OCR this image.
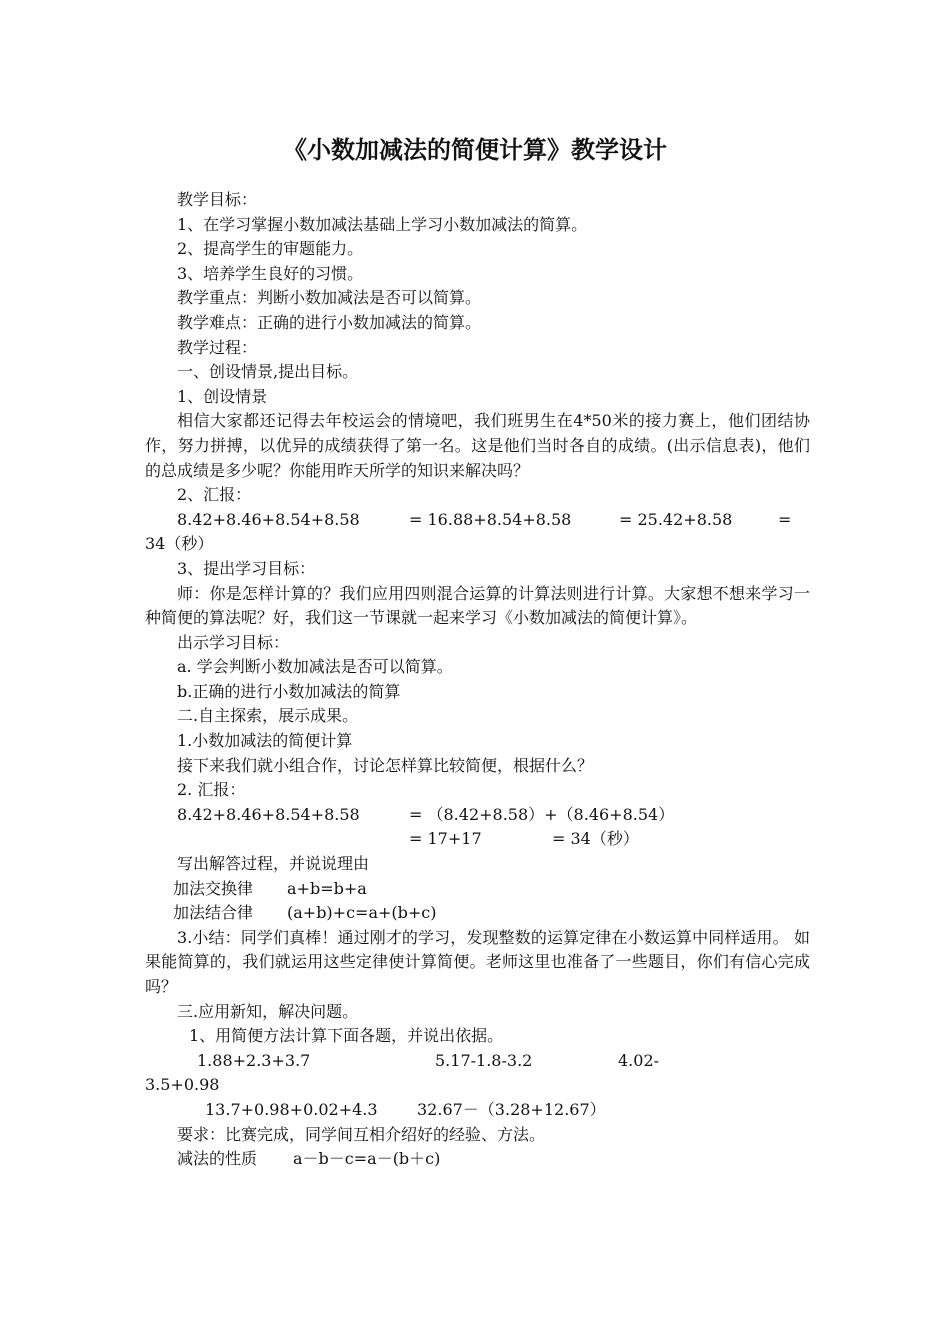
《小数加减法的简便计算》教学设计

教学目标：

1、在学习掌握小数加减法基础上学习小数加减法的简算。

2、提高学生的审题能力。

3、培养学生良好的习惯。

教学重点：判断小数加减法是否可以简算。

教学难点：正确的进行小数加减法的简算。

教学过程：

一、创设情景,提出目标。

1、创设情景

相信大家都还记得去年校运会的情境吧，我们班男生在4*50米的接力赛上，他们团结协作，努力拼搏，以优异的成绩获得了第一名。这是他们当时各自的成绩。(出示信息表)，他们的总成绩是多少呢？你能用昨天所学的知识来解决吗？

2、汇报：

8.42+8.46+8.54+8.58	= 16.88+8.54+8.58	= 25.42+8.58	=

34（秒）

3、提出学习目标：

师：你是怎样计算的？我们应用四则混合运算的计算法则进行计算。大家想不想来学习一种简便的算法呢？好，我们这一节课就一起来学习《小数加减法的简便计算》。

出示学习目标：

a. 学会判断小数加减法是否可以简算。

b.正确的进行小数加减法的简算

二.自主探索，展示成果。

1.小数加减法的简便计算

接下来我们就小组合作，讨论怎样算比较简便，根据什么？

2. 汇报：

8.42+8.46+8.54+8.58	= （8.42+8.58）+（8.46+8.54）
= 17+17	= 34（秒）

写出解答过程，并说说理由

加法交换律	a+b=b+a
加法结合律	(a+b)+c=a+(b+c)

3.小结：同学们真棒！通过刚才的学习，发现整数的运算定律在小数运算中同样适用。 如果能简算的，我们就运用这些定律使计算简便。老师这里也准备了一些题目，你们有信心完成吗？

三.应用新知，解决问题。

1、用简便方法计算下面各题，并说出依据。

1.88+2.3+3.7	5.17-1.8-3.2	4.02-

3.5+0.98

13.7+0.98+0.02+4.3	32.67－（3.28+12.67）

要求：比赛完成，同学间互相介绍好的经验、方法。

减法的性质	a－b－c=a－(b＋c)
